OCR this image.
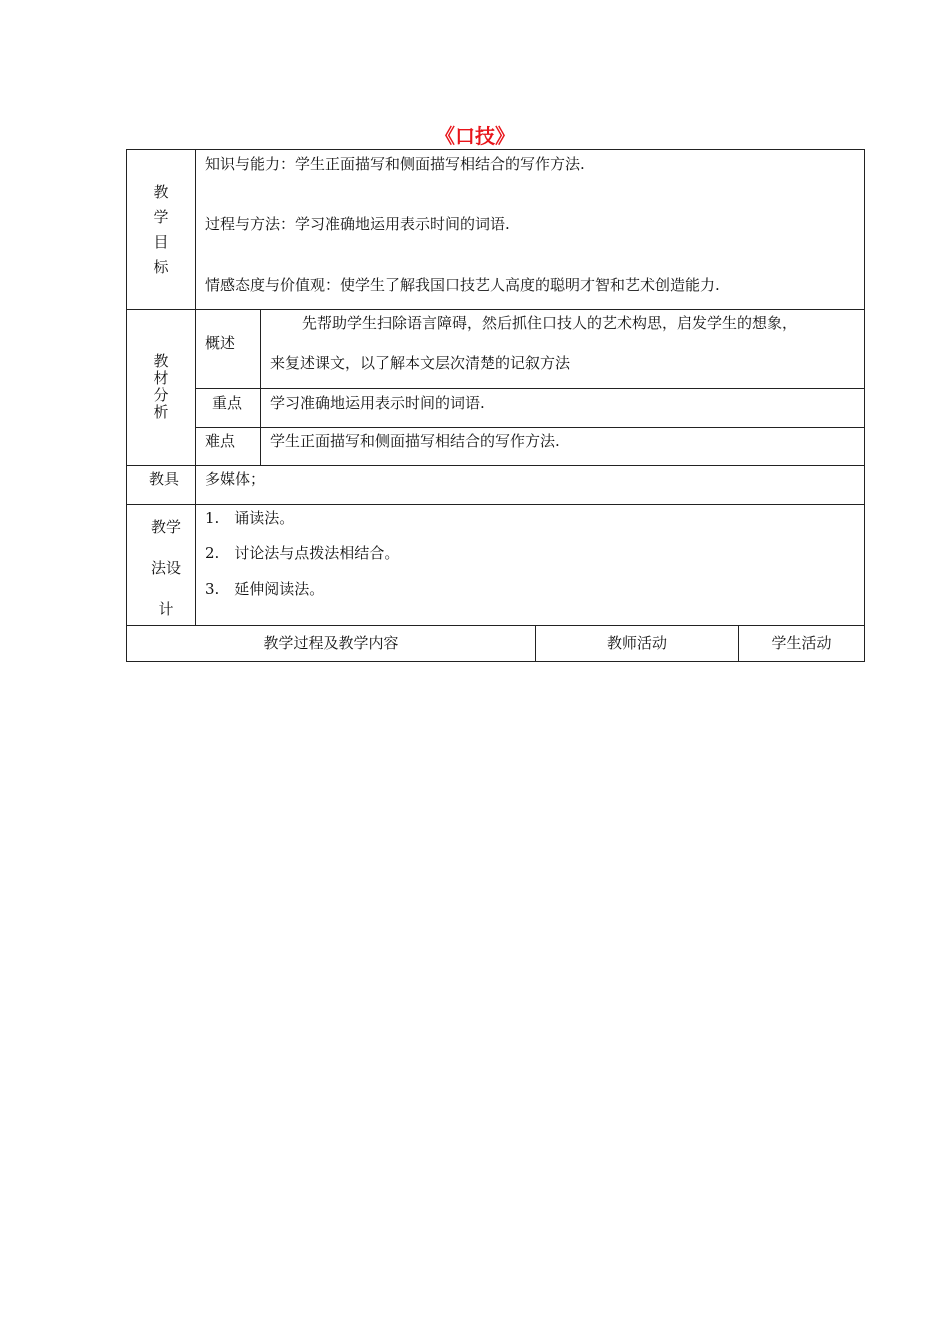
《口技》
教
学
目
标
知识与能力：学生正面描写和侧面描写相结合的写作方法.
过程与方法：学习准确地运用表示时间的词语.
情感态度与价值观：使学生了解我国口技艺人高度的聪明才智和艺术创造能力.
教
材
分
析
概述
先帮助学生扫除语言障碍，然后抓住口技人的艺术构思，启发学生的想象，
来复述课文，以了解本文层次清楚的记叙方法
重点 学习准确地运用表示时间的词语.
难点 学生正面描写和侧面描写相结合的写作方法.
教具 多媒体；
教学
法设
计
1.　诵读法。
2.　讨论法与点拨法相结合。
3.　延伸阅读法。
教学过程及教学内容	教师活动	学生活动
